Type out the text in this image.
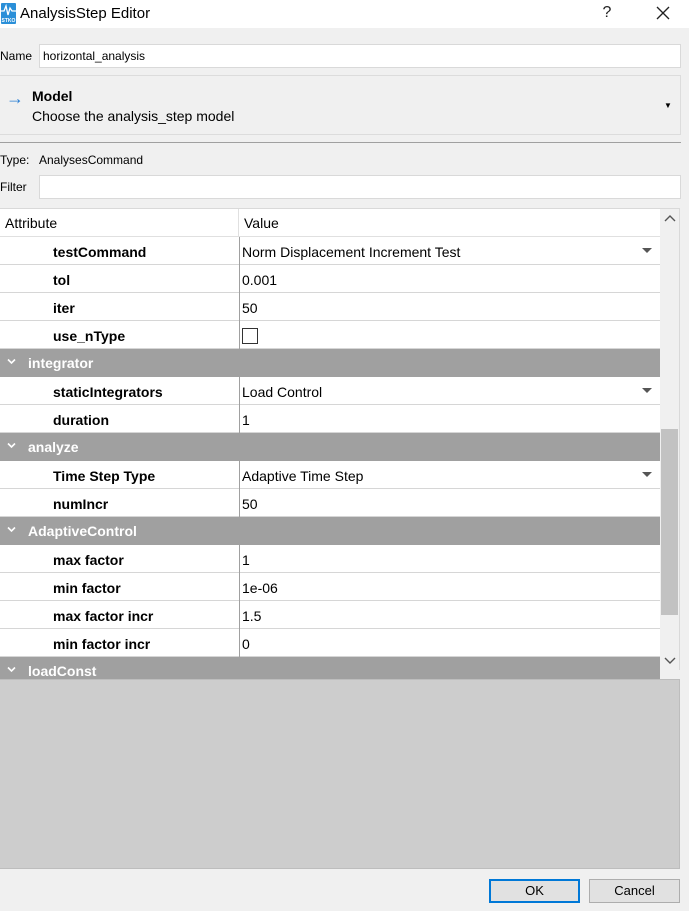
STKO AnalysisStep Editor	?
Name horizontal_analysis
→ Model
Choose the analysis_step model
▼
Type: AnalysesCommand
Filter
Attribute	Value
testCommand	Norm Displacement Increment Test
tol	0.001
iter	50
use_nType
integrator
staticIntegrators	Load Control
duration	1
analyze
Time Step Type	Adaptive Time Step
numIncr	50
AdaptiveControl
max factor	1
min factor	1e-06
max factor incr	1.5
min factor incr	0
loadConst
OK	Cancel
